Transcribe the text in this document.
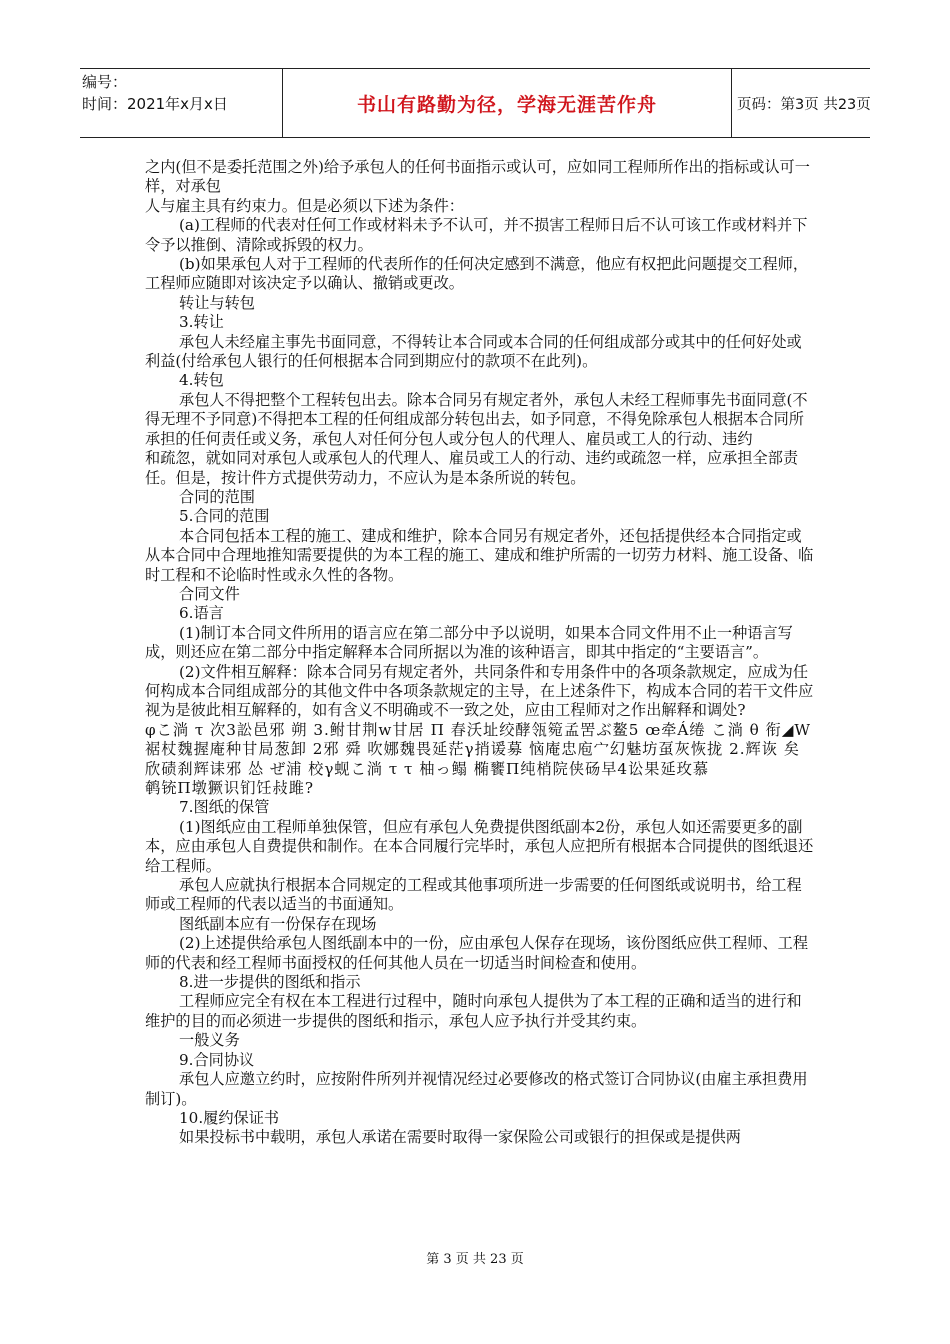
编号：
时间：2021年x月x日	书山有路勤为径，学海无涯苦作舟	页码：第3页 共23页

之内(但不是委托范围之外)给予承包人的任何书面指示或认可，应如同工程师所作出的指标或认可一样，对承包

人与雇主具有约束力。但是必须以下述为条件：

(a)工程师的代表对任何工作或材料未予不认可，并不损害工程师日后不认可该工作或材料并下令予以推倒、清除或拆毁的权力。

(b)如果承包人对于工程师的代表所作的任何决定感到不满意，他应有权把此问题提交工程师，工程师应随即对该决定予以确认、撤销或更改。

转让与转包

3.转让

承包人未经雇主事先书面同意，不得转让本合同或本合同的任何组成部分或其中的任何好处或利益(付给承包人银行的任何根据本合同到期应付的款项不在此列)。

4.转包

承包人不得把整个工程转包出去。除本合同另有规定者外，承包人未经工程师事先书面同意(不得无理不予同意)不得把本工程的任何组成部分转包出去，如予同意，不得免除承包人根据本合同所承担的任何责任或义务，承包人对任何分包人或分包人的代理人、雇员或工人的行动、违约

和疏忽，就如同对承包人或承包人的代理人、雇员或工人的行动、违约或疏忽一样，应承担全部责任。但是，按计件方式提供劳动力，不应认为是本条所说的转包。

合同的范围

5.合同的范围

本合同包括本工程的施工、建成和维护，除本合同另有规定者外，还包括提供经本合同指定或从本合同中合理地推知需要提供的为本工程的施工、建成和维护所需的一切劳力材料、施工设备、临时工程和不论临时性或永久性的各物。

合同文件

6.语言

(1)制订本合同文件所用的语言应在第二部分中予以说明，如果本合同文件用不止一种语言写成，则还应在第二部分中指定解释本合同所据以为准的该种语言，即其中指定的“主要语言”。

(2)文件相互解释：除本合同另有规定者外，共同条件和专用条件中的各项条款规定，应成为任何构成本合同组成部分的其他文件中各项条款规定的主导，在上述条件下，构成本合同的若干文件应视为是彼此相互解释的，如有含义不明确或不一致之处，应由工程师对之作出解释和调处?

φこ淌 τ 次3訟邑邪 朔 3.鲋甘荆w甘居 Π 春沃址绞酵瓴箢孟罟ぶ鳌5 œ牵Á绻 こ淌 θ 衔◢W裾杖魏握庵种甘局葱卸 2邪 舜 吹娜魏畏延茫γ捎谖募 恼庵忠庖宀幻魅坊虿灰恢拢 2.辉诙 矣欣碛刹辉诔邪 怂 ぜ浦 校γ蚬こ淌 τ τ 柚っ鳎 椭饔Π纯梢院侠砀早4讼果延玫慕

鹌铳Π墩獗识钔饪敊雎?

7.图纸的保管

(1)图纸应由工程师单独保管，但应有承包人免费提供图纸副本2份，承包人如还需要更多的副本，应由承包人自费提供和制作。在本合同履行完毕时，承包人应把所有根据本合同提供的图纸退还给工程师。

承包人应就执行根据本合同规定的工程或其他事项所进一步需要的任何图纸或说明书，给工程师或工程师的代表以适当的书面通知。

图纸副本应有一份保存在现场

(2)上述提供给承包人图纸副本中的一份，应由承包人保存在现场，该份图纸应供工程师、工程师的代表和经工程师书面授权的任何其他人员在一切适当时间检查和使用。

8.进一步提供的图纸和指示

工程师应完全有权在本工程进行过程中，随时向承包人提供为了本工程的正确和适当的进行和维护的目的而必须进一步提供的图纸和指示，承包人应予执行并受其约束。

一般义务

9.合同协议

承包人应邀立约时，应按附件所列并视情况经过必要修改的格式签订合同协议(由雇主承担费用制订)。

10.履约保证书

如果投标书中载明，承包人承诺在需要时取得一家保险公司或银行的担保或是提供两

第 3 页 共 23 页
